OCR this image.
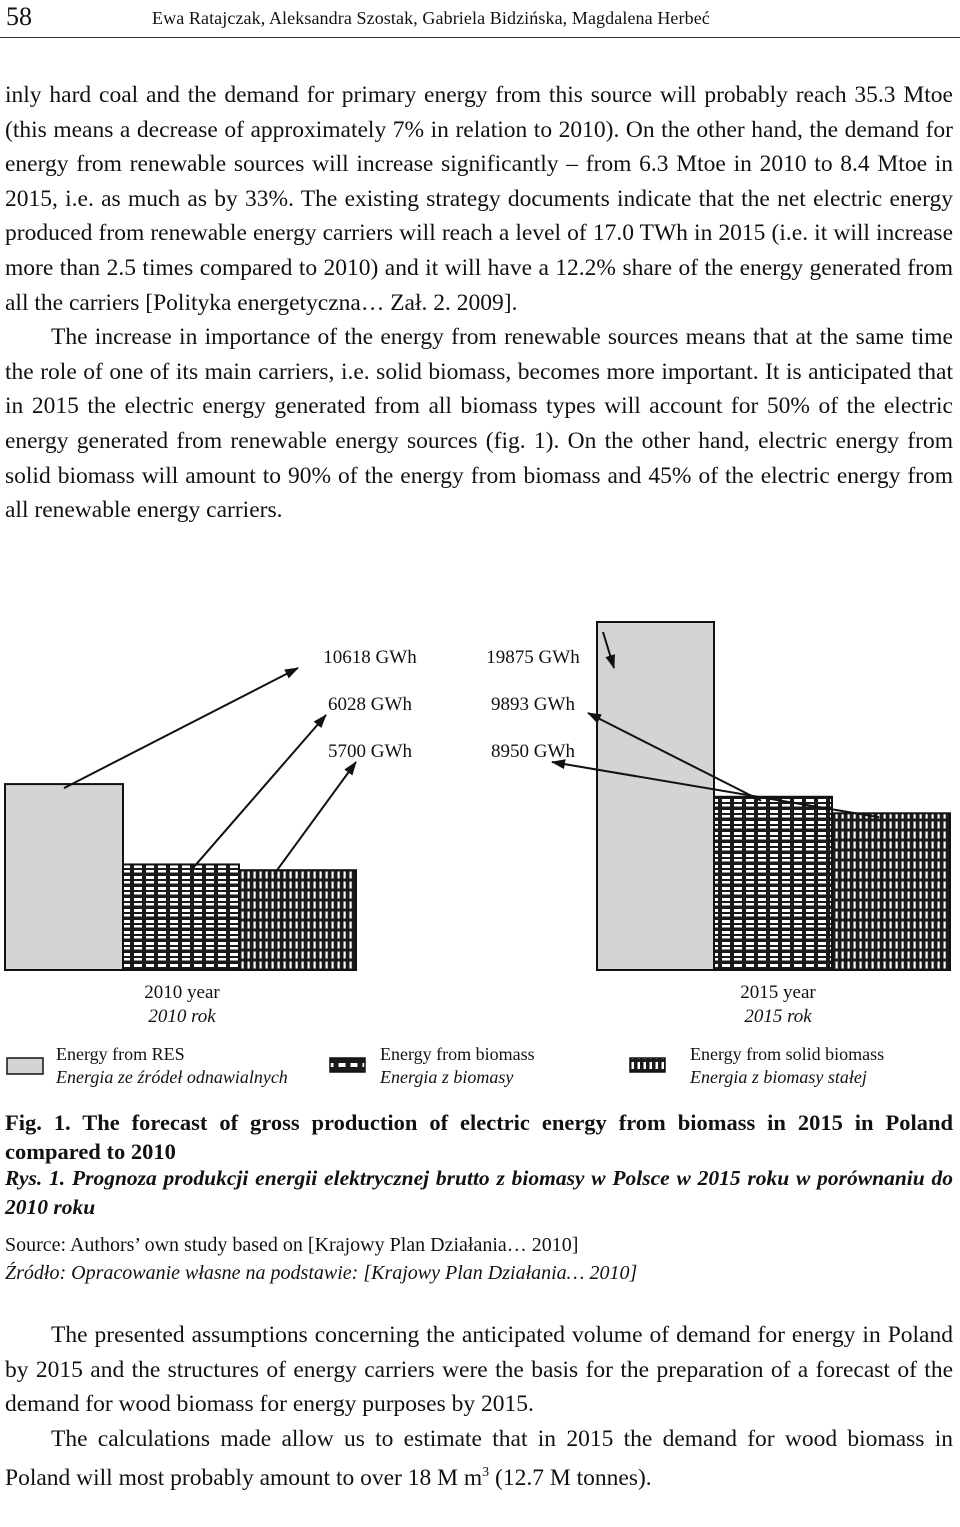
58	Ewa Ratajczak, Aleksandra Szostak, Gabriela Bidzińska, Magdalena Herbeć

inly hard coal and the demand for primary energy from this source will probably reach 35.3 Mtoe (this means a decrease of approximately 7% in relation to 2010). On the other hand, the demand for energy from renewable sources will increase significantly – from 6.3 Mtoe in 2010 to 8.4 Mtoe in 2015, i.e. as much as by 33%. The existing strategy documents indicate that the net electric energy produced from renewable energy carriers will reach a level of 17.0 TWh in 2015 (i.e. it will increase more than 2.5 times compared to 2010) and it will have a 12.2% share of the energy generated from all the carriers [Polityka energetyczna… Zał. 2. 2009].

The increase in importance of the energy from renewable sources means that at the same time the role of one of its main carriers, i.e. solid biomass, becomes more important. It is anticipated that in 2015 the electric energy generated from all biomass types will account for 50% of the electric energy generated from renewable energy sources (fig. 1). On the other hand, electric energy from solid biomass will amount to 90% of the energy from biomass and 45% of the electric energy from all renewable energy carriers.

10618 GWh	19875 GWh
6028 GWh	9893 GWh
5700 GWh	8950 GWh
2010 year
2010 rok
2015 year
2015 rok
Energy from RES
Energia ze źródeł odnawialnych
Energy from biomass
Energia z biomasy
Energy from solid biomass
Energia z biomasy stałej

Fig. 1. The forecast of gross production of electric energy from biomass in 2015 in Poland compared to 2010

Rys. 1. Prognoza produkcji energii elektrycznej brutto z biomasy w Polsce w 2015 roku w porównaniu do 2010 roku

Source: Authors’ own study based on [Krajowy Plan Działania… 2010]

Źródło: Opracowanie własne na podstawie: [Krajowy Plan Działania… 2010]

The presented assumptions concerning the anticipated volume of demand for energy in Poland by 2015 and the structures of energy carriers were the basis for the preparation of a forecast of the demand for wood biomass for energy purposes by 2015.

The calculations made allow us to estimate that in 2015 the demand for wood biomass in Poland will most probably amount to over 18 M $m^3$ (12.7 M tonnes).
